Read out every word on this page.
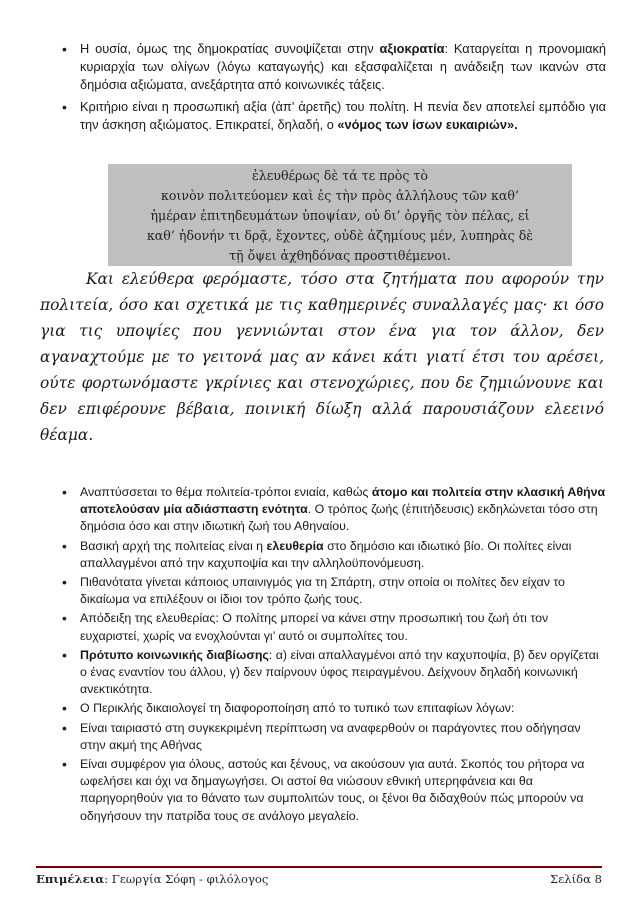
• Η ουσία, όμως της δημοκρατίας συνοψίζεται στην αξιοκρατία: Καταργείται η προνομιακή κυριαρχία των ολίγων (λόγω καταγωγής) και εξασφαλίζεται η ανάδειξη των ικανών στα δημόσια αξιώματα, ανεξάρτητα από κοινωνικές τάξεις.
• Κριτήριο είναι η προσωπική αξία (ἀπ’ ἀρετῆς) του πολίτη. Η πενία δεν αποτελεί εμπόδιο για την άσκηση αξιώματος. Επικρατεί, δηλαδή, ο «νόμος των ίσων ευκαιριών».
ἐλευθέρως δὲ τά τε πρὸς τὸ
κοινὸν πολιτεύομεν καὶ ἐς τὴν πρὸς ἀλλήλους τῶν καθ’
ἡμέραν ἐπιτηδευμάτων ὑποψίαν, οὐ δι’ ὀργῆς τὸν πέλας, εἰ
καθ’ ἡδονήν τι δρᾷ, ἔχοντες, οὐδὲ ἀζημίους μέν, λυπηρὰς δὲ
τῇ ὄψει ἀχθηδόνας προστιθέμενοι.
Και ελεύθερα φερόμαστε, τόσο στα ζητήματα που αφορούν την πολιτεία, όσο και σχετικά με τις καθημερινές συναλλαγές μας· κι όσο για τις υποψίες που γεννιώνται στον ένα για τον άλλον, δεν αγαναχτούμε με το γειτονά μας αν κάνει κάτι γιατί έτσι του αρέσει, ούτε φορτωνόμαστε γκρίνιες και στενοχώριες, που δε ζημιώνουνε και δεν επιφέρουνε βέβαια, ποινική δίωξη αλλά παρουσιάζουν ελεεινό θέαμα.
• Αναπτύσσεται το θέμα πολιτεία-τρόποι ενιαία, καθώς άτομο και πολιτεία στην κλασική Αθήνα αποτελούσαν μία αδιάσπαστη ενότητα. Ο τρόπος ζωής (ἐπιτήδευσις) εκδηλώνεται τόσο στη δημόσια όσο και στην ιδιωτική ζωή του Αθηναίου.
• Βασική αρχή της πολιτείας είναι η ελευθερία στο δημόσιο και ιδιωτικό βίο. Οι πολίτες είναι απαλλαγμένοι από την καχυποψία και την αλληλοϋπονόμευση.
• Πιθανότατα γίνεται κάποιος υπαινιγμός για τη Σπάρτη, στην οποία οι πολίτες δεν είχαν το δικαίωμα να επιλέξουν οι ίδιοι τον τρόπο ζωής τους.
• Απόδειξη της ελευθερίας: Ο πολίτης μπορεί να κάνει στην προσωπική του ζωή ότι τον ευχαριστεί, χωρίς να ενοχλούνται γι’ αυτό οι συμπολίτες του.
• Πρότυπο κοινωνικής διαβίωσης: α) είναι απαλλαγμένοι από την καχυποψία, β) δεν οργίζεται ο ένας εναντίον του άλλου, γ) δεν παίρνουν ύφος πειραγμένου. Δείχνουν δηλαδή κοινωνική ανεκτικότητα.
• Ο Περικλής δικαιολογεί τη διαφοροποίηση από το τυπικό των επιταφίων λόγων:
• Είναι ταιριαστό στη συγκεκριμένη περίπτωση να αναφερθούν οι παράγοντες που οδήγησαν στην ακμή της Αθήνας
• Είναι συμφέρον για όλους, αστούς και ξένους, να ακούσουν για αυτά. Σκοπός του ρήτορα να ωφελήσει και όχι να δημαγωγήσει. Οι αστοί θα νιώσουν εθνική υπερηφάνεια και θα παρηγορηθούν για το θάνατο των συμπολιτών τους, οι ξένοι θα διδαχθούν πώς μπορούν να οδηγήσουν την πατρίδα τους σε ανάλογο μεγαλείο.
Επιμέλεια: Γεωργία Σόφη - φιλόλογος	Σελίδα 8
